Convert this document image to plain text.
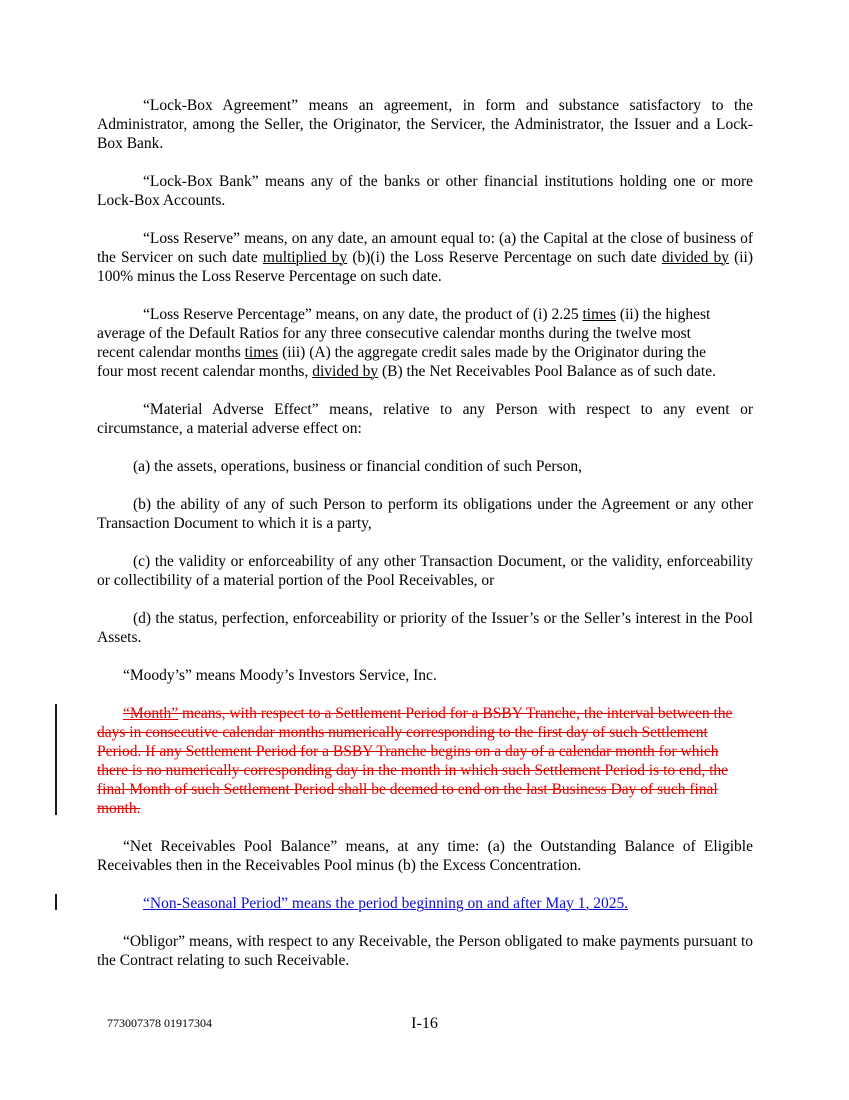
“Lock-Box Agreement” means an agreement, in form and substance satisfactory to the Administrator, among the Seller, the Originator, the Servicer, the Administrator, the Issuer and a Lock-Box Bank.

“Lock-Box Bank” means any of the banks or other financial institutions holding one or more Lock-Box Accounts.

“Loss Reserve” means, on any date, an amount equal to: (a) the Capital at the close of business of the Servicer on such date multiplied by (b)(i) the Loss Reserve Percentage on such date divided by (ii) 100% minus the Loss Reserve Percentage on such date.

“Loss Reserve Percentage” means, on any date, the product of (i) 2.25 times (ii) the highest average of the Default Ratios for any three consecutive calendar months during the twelve most recent calendar months times (iii) (A) the aggregate credit sales made by the Originator during the four most recent calendar months, divided by (B) the Net Receivables Pool Balance as of such date.

“Material Adverse Effect” means, relative to any Person with respect to any event or circumstance, a material adverse effect on:

(a) the assets, operations, business or financial condition of such Person,

(b) the ability of any of such Person to perform its obligations under the Agreement or any other Transaction Document to which it is a party,

(c) the validity or enforceability of any other Transaction Document, or the validity, enforceability or collectibility of a material portion of the Pool Receivables, or

(d) the status, perfection, enforceability or priority of the Issuer’s or the Seller’s interest in the Pool Assets.

“Moody’s” means Moody’s Investors Service, Inc.

“Month” means, with respect to a Settlement Period for a BSBY Tranche, the interval between the days in consecutive calendar months numerically corresponding to the first day of such Settlement Period. If any Settlement Period for a BSBY Tranche begins on a day of a calendar month for which there is no numerically corresponding day in the month in which such Settlement Period is to end, the final Month of such Settlement Period shall be deemed to end on the last Business Day of such final month.

“Net Receivables Pool Balance” means, at any time: (a) the Outstanding Balance of Eligible Receivables then in the Receivables Pool minus (b) the Excess Concentration.

“Non-Seasonal Period” means the period beginning on and after May 1, 2025.

“Obligor” means, with respect to any Receivable, the Person obligated to make payments pursuant to the Contract relating to such Receivable.

773007378 01917304	I-16
